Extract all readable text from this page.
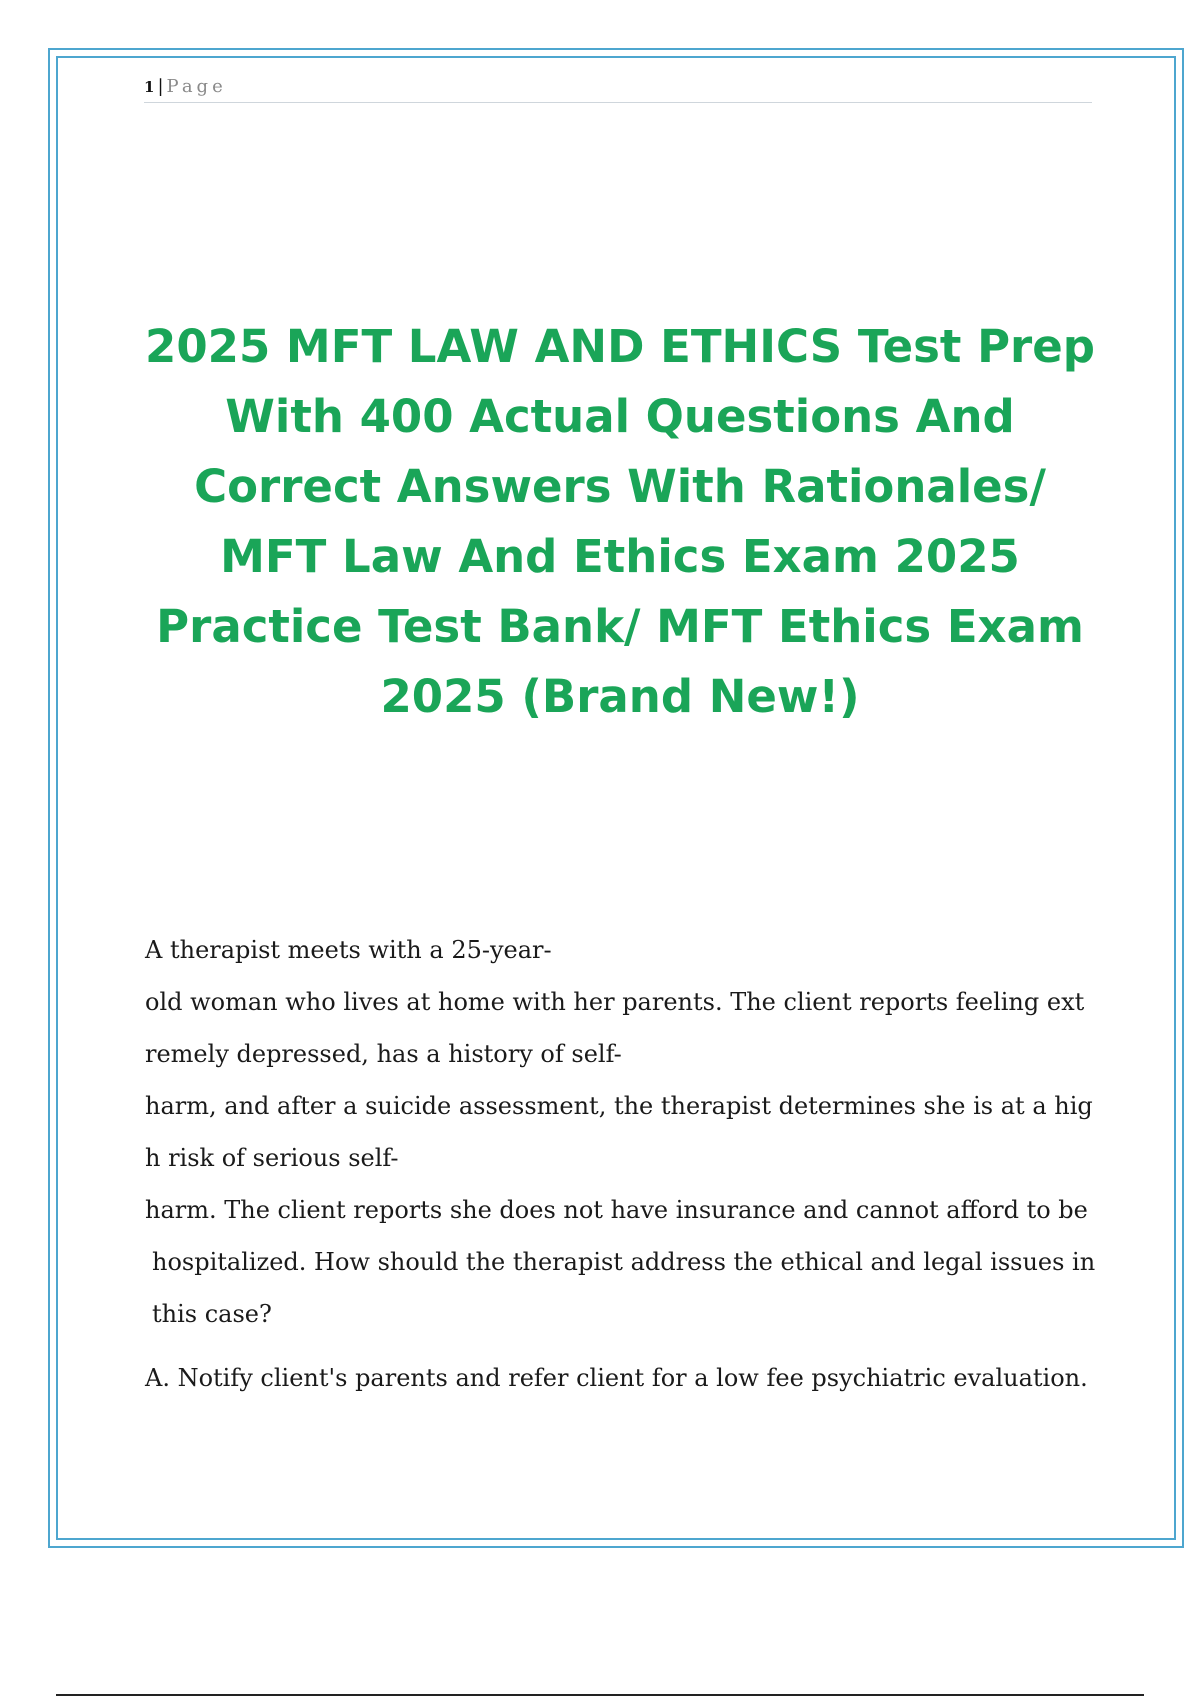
1 | Page
2025 MFT LAW AND ETHICS Test Prep
With 400 Actual Questions And
Correct Answers With Rationales/
MFT Law And Ethics Exam 2025
Practice Test Bank/ MFT Ethics Exam
2025 (Brand New!)

A therapist meets with a 25-year-
old woman who lives at home with her parents. The client reports feeling ext
remely depressed, has a history of self-
harm, and after a suicide assessment, the therapist determines she is at a hig
h risk of serious self-
harm. The client reports she does not have insurance and cannot afford to be
hospitalized. How should the therapist address the ethical and legal issues in
this case?

A. Notify client's parents and refer client for a low fee psychiatric evaluation.
